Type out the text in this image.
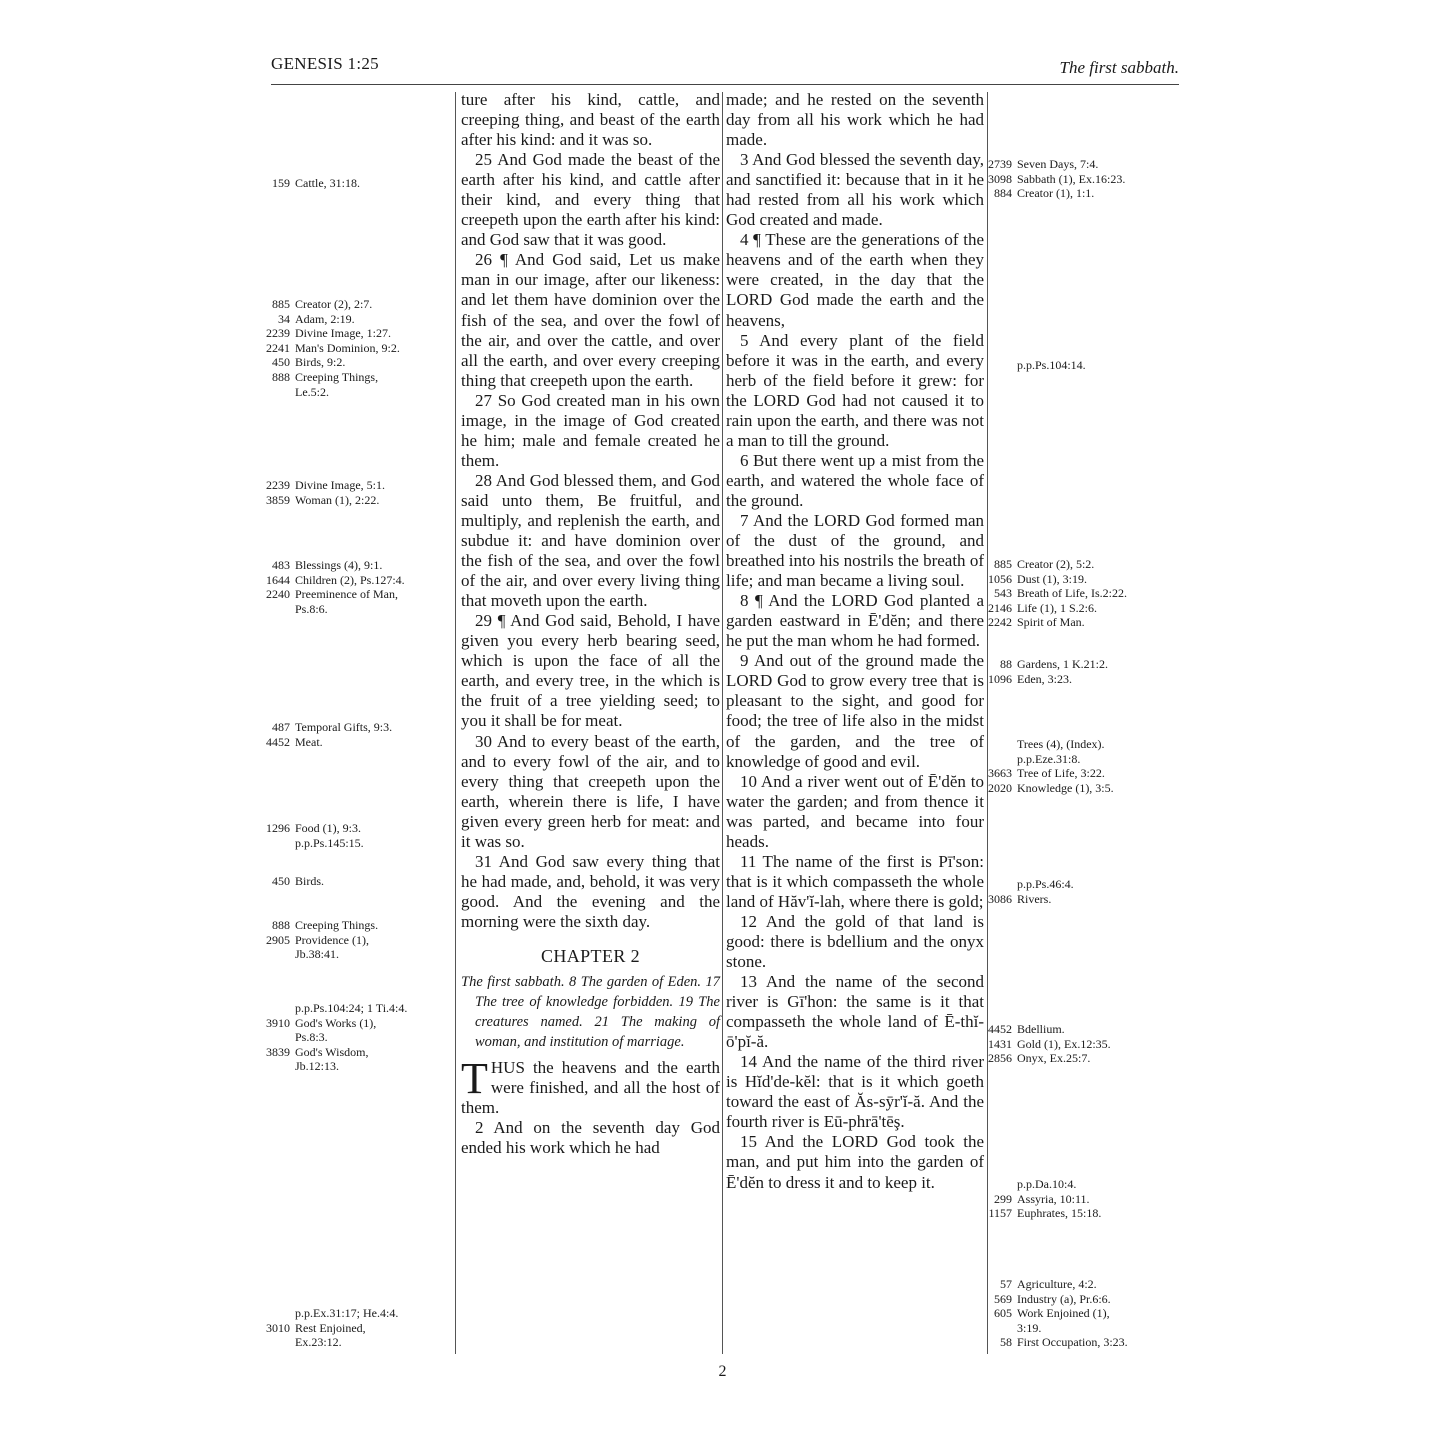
GENESIS 1:25	The first sabbath.
159 Cattle, 31:18.
885 Creator (2), 2:7.
34 Adam, 2:19.
2239 Divine Image, 1:27.
2241 Man's Dominion, 9:2.
450 Birds, 9:2.
888 Creeping Things,
Le.5:2.
2239 Divine Image, 5:1.
3859 Woman (1), 2:22.
483 Blessings (4), 9:1.
1644 Children (2), Ps.127:4.
2240 Preeminence of Man,
Ps.8:6.
487 Temporal Gifts, 9:3.
4452 Meat.
1296 Food (1), 9:3.
p.p.Ps.145:15.
450 Birds.
888 Creeping Things.
2905 Providence (1),
Jb.38:41.
p.p.Ps.104:24; 1 Ti.4:4.
3910 God's Works (1),
Ps.8:3.
3839 God's Wisdom,
Jb.12:13.
p.p.Ex.31:17; He.4:4.
3010 Rest Enjoined,
Ex.23:12.
2739 Seven Days, 7:4.
3098 Sabbath (1), Ex.16:23.
884 Creator (1), 1:1.
p.p.Ps.104:14.
885 Creator (2), 5:2.
1056 Dust (1), 3:19.
543 Breath of Life, Is.2:22.
2146 Life (1), 1 S.2:6.
2242 Spirit of Man.
88 Gardens, 1 K.21:2.
1096 Eden, 3:23.
Trees (4), (Index).
p.p.Eze.31:8.
3663 Tree of Life, 3:22.
2020 Knowledge (1), 3:5.
p.p.Ps.46:4.
3086 Rivers.
4452 Bdellium.
1431 Gold (1), Ex.12:35.
2856 Onyx, Ex.25:7.
p.p.Da.10:4.
299 Assyria, 10:11.
1157 Euphrates, 15:18.
57 Agriculture, 4:2.
569 Industry (a), Pr.6:6.
605 Work Enjoined (1),
3:19.
58 First Occupation, 3:23.

ture after his kind, cattle, and creeping thing, and beast of the earth after his kind: and it was so.

25 And God made the beast of the earth after his kind, and cattle after their kind, and every thing that creepeth upon the earth after his kind: and God saw that it was good.

26 ¶ And God said, Let us make man in our image, after our likeness: and let them have dominion over the fish of the sea, and over the fowl of the air, and over the cattle, and over all the earth, and over every creeping thing that creepeth upon the earth.

27 So God created man in his own image, in the image of God created he him; male and female created he them.

28 And God blessed them, and God said unto them, Be fruitful, and multiply, and replenish the earth, and subdue it: and have dominion over the fish of the sea, and over the fowl of the air, and over every living thing that moveth upon the earth.

29 ¶ And God said, Behold, I have given you every herb bearing seed, which is upon the face of all the earth, and every tree, in the which is the fruit of a tree yielding seed; to you it shall be for meat.

30 And to every beast of the earth, and to every fowl of the air, and to every thing that creepeth upon the earth, wherein there is life, I have given every green herb for meat: and it was so.

31 And God saw every thing that he had made, and, behold, it was very good. And the evening and the morning were the sixth day.

CHAPTER 2
The first sabbath. 8 The garden of Eden. 17 The tree of knowledge forbidden. 19 The creatures named. 21 The making of woman, and institution of marriage.

THUS the heavens and the earth were finished, and all the host of them.

2 And on the seventh day God ended his work which he had

made; and he rested on the seventh day from all his work which he had made.

3 And God blessed the seventh day, and sanctified it: because that in it he had rested from all his work which God created and made.

4 ¶ These are the generations of the heavens and of the earth when they were created, in the day that the LORD God made the earth and the heavens,

5 And every plant of the field before it was in the earth, and every herb of the field before it grew: for the LORD God had not caused it to rain upon the earth, and there was not a man to till the ground.

6 But there went up a mist from the earth, and watered the whole face of the ground.

7 And the LORD God formed man of the dust of the ground, and breathed into his nostrils the breath of life; and man became a living soul.

8 ¶ And the LORD God planted a garden eastward in Ē'dĕn; and there he put the man whom he had formed.

9 And out of the ground made the LORD God to grow every tree that is pleasant to the sight, and good for food; the tree of life also in the midst of the garden, and the tree of knowledge of good and evil.

10 And a river went out of Ē'dĕn to water the garden; and from thence it was parted, and became into four heads.

11 The name of the first is Pī'son: that is it which compasseth the whole land of Hăv'ĭ-lah, where there is gold;

12 And the gold of that land is good: there is bdellium and the onyx stone.

13 And the name of the second river is Gī'hon: the same is it that compasseth the whole land of Ē-thĭ-ō'pĭ-ă.

14 And the name of the third river is Hĭd'de-kĕl: that is it which goeth toward the east of Ăs-sȳr'ĭ-ă. And the fourth river is Eū-phrā'tēş.

15 And the LORD God took the man, and put him into the garden of Ē'dĕn to dress it and to keep it.

2
